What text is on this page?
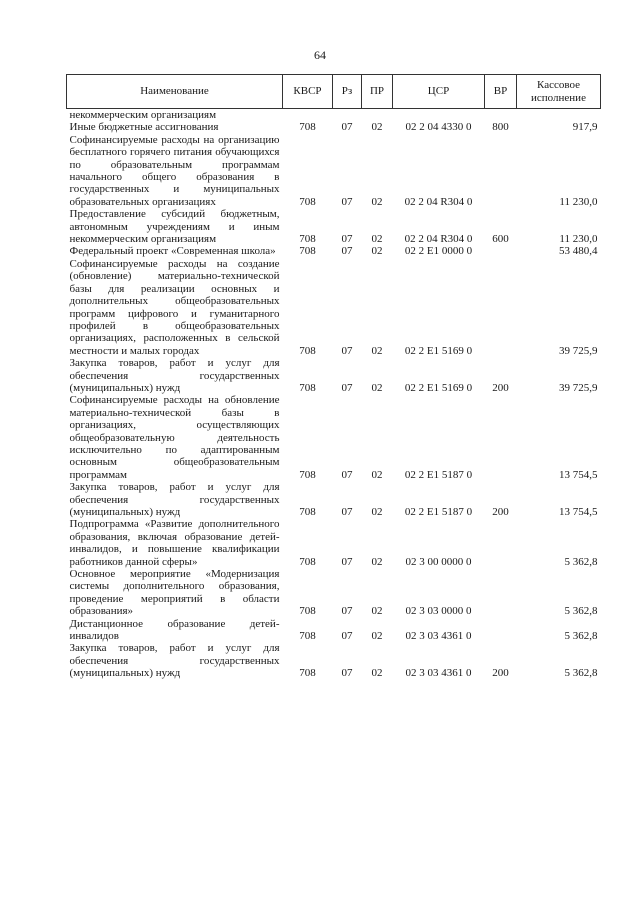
64
Наименование	КВСР	Рз	ПР	ЦСР	ВР	Кассовое исполнение
некоммерческим организациям						
Иные бюджетные ассигнования	708	07	02	02 2 04 4330 0	800	917,9
Софинансируемые расходы на организацию бесплатного горячего питания обучающихся по образовательным программам начального общего образования в государственных и муниципальных образовательных организациях	708	07	02	02 2 04 R304 0		11 230,0
Предоставление субсидий бюджетным, автономным учреждениям и иным некоммерческим организациям	708	07	02	02 2 04 R304 0	600	11 230,0
Федеральный проект «Современная школа»	708	07	02	02 2 E1 0000 0		53 480,4
Софинансируемые расходы на создание (обновление) материально-технической базы для реализации основных и дополнительных общеобразовательных программ цифрового и гуманитарного профилей в общеобразовательных организациях, расположенных в сельской местности и малых городах	708	07	02	02 2 E1 5169 0		39 725,9
Закупка товаров, работ и услуг для обеспечения государственных (муниципальных) нужд	708	07	02	02 2 E1 5169 0	200	39 725,9
Софинансируемые расходы на обновление материально-технической базы в организациях, осуществляющих общеобразовательную деятельность исключительно по адаптированным основным общеобразовательным программам	708	07	02	02 2 E1 5187 0		13 754,5
Закупка товаров, работ и услуг для обеспечения государственных (муниципальных) нужд	708	07	02	02 2 E1 5187 0	200	13 754,5
Подпрограмма «Развитие дополнительного образования, включая образование детей-инвалидов, и повышение квалификации работников данной сферы»	708	07	02	02 3 00 0000 0		5 362,8
Основное мероприятие «Модернизация системы дополнительного образования, проведение мероприятий в области образования»	708	07	02	02 3 03 0000 0		5 362,8
Дистанционное образование детей-инвалидов	708	07	02	02 3 03 4361 0		5 362,8
Закупка товаров, работ и услуг для обеспечения государственных (муниципальных) нужд	708	07	02	02 3 03 4361 0	200	5 362,8
